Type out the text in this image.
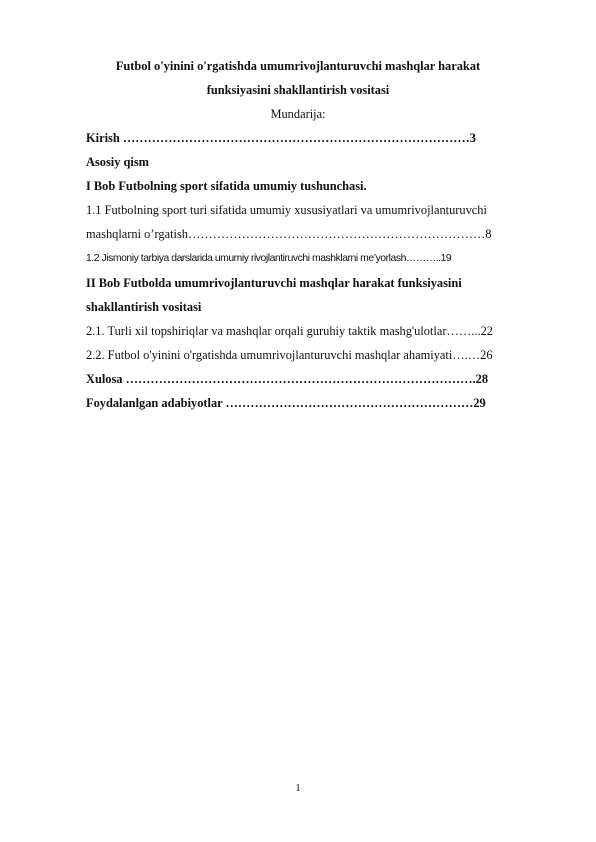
Futbol o'yinini o'rgatishda umumrivojlanturuvchi mashqlar harakat
funksiyasini shakllantirish vositasi
Mundarija:
Kirish …………………………………………………………………………3
Asosiy qism
I Bob Futbolning sport sifatida umumiy tushunchasi.
1.1 Futbolning sport turi sifatida umumiy xususiyatlari va umumrivojlanturuvchi
mashqlarni o’rgatish………………………………………………………………8
1.2 Jismoniy tarbiya darslarida umumiy rivojlantiruvchi mashklarni me’yorlash………..19
II Bob Futbolda umumrivojlanturuvchi mashqlar harakat funksiyasini
shakllantirish vositasi
2.1. Turli xil topshiriqlar va mashqlar orqali guruhiy taktik mashg'ulotlar……...22
2.2. Futbol o'yinini o'rgatishda umumrivojlanturuvchi mashqlar ahamiyati….…26
Xulosa ………………………………………………………………………….28
Foydalanlgan adabiyotlar ……………………………………………………29
1
